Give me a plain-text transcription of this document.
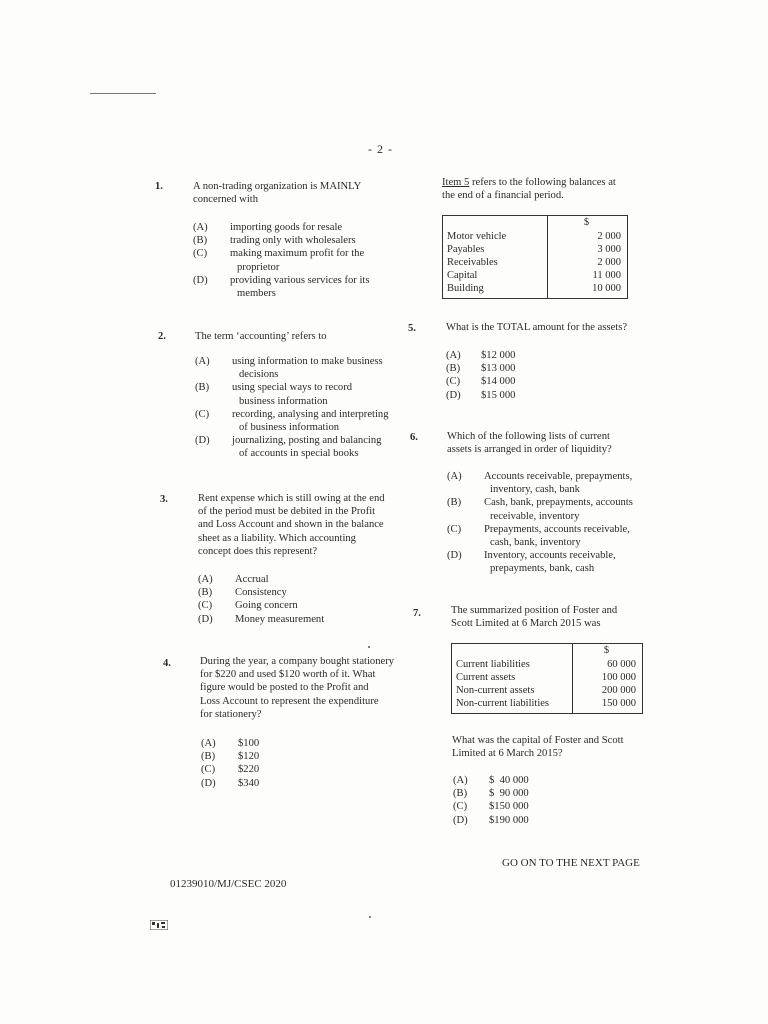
- 2 -
1.	A non-trading organization is MAINLY
concerned with
(A) importing goods for resale
(B) trading only with wholesalers
(C) making maximum profit for the
proprietor
(D) providing various services for its
members
2.	The term ‘accounting’ refers to
(A) using information to make business
decisions
(B) using special ways to record
business information
(C) recording, analysing and interpreting
of business information
(D) journalizing, posting and balancing
of accounts in special books
3.	Rent expense which is still owing at the end
of the period must be debited in the Profit
and Loss Account and shown in the balance
sheet as a liability. Which accounting
concept does this represent?
(A) Accrual
(B) Consistency
(C) Going concern
(D) Money measurement
4.	During the year, a company bought stationery
for $220 and used $120 worth of it. What
figure would be posted to the Profit and
Loss Account to represent the expenditure
for stationery?
(A) $100
(B) $120
(C) $220
(D) $340
Item 5 refers to the following balances at
the end of a financial period.
	$
Motor vehicle	2 000
Payables	3 000
Receivables	2 000
Capital	11 000
Building	10 000
5.	What is the TOTAL amount for the assets?
(A) $12 000
(B) $13 000
(C) $14 000
(D) $15 000
6.	Which of the following lists of current
assets is arranged in order of liquidity?
(A) Accounts receivable, prepayments,
inventory, cash, bank
(B) Cash, bank, prepayments, accounts
receivable, inventory
(C) Prepayments, accounts receivable,
cash, bank, inventory
(D) Inventory, accounts receivable,
prepayments, bank, cash
7.	The summarized position of Foster and
Scott Limited at 6 March 2015 was
	$
Current liabilities	60 000
Current assets	100 000
Non-current assets	200 000
Non-current liabilities	150 000
What was the capital of Foster and Scott
Limited at 6 March 2015?
(A) $  40 000
(B) $  90 000
(C) $150 000
(D) $190 000
GO ON TO THE NEXT PAGE
01239010/MJ/CSEC 2020
